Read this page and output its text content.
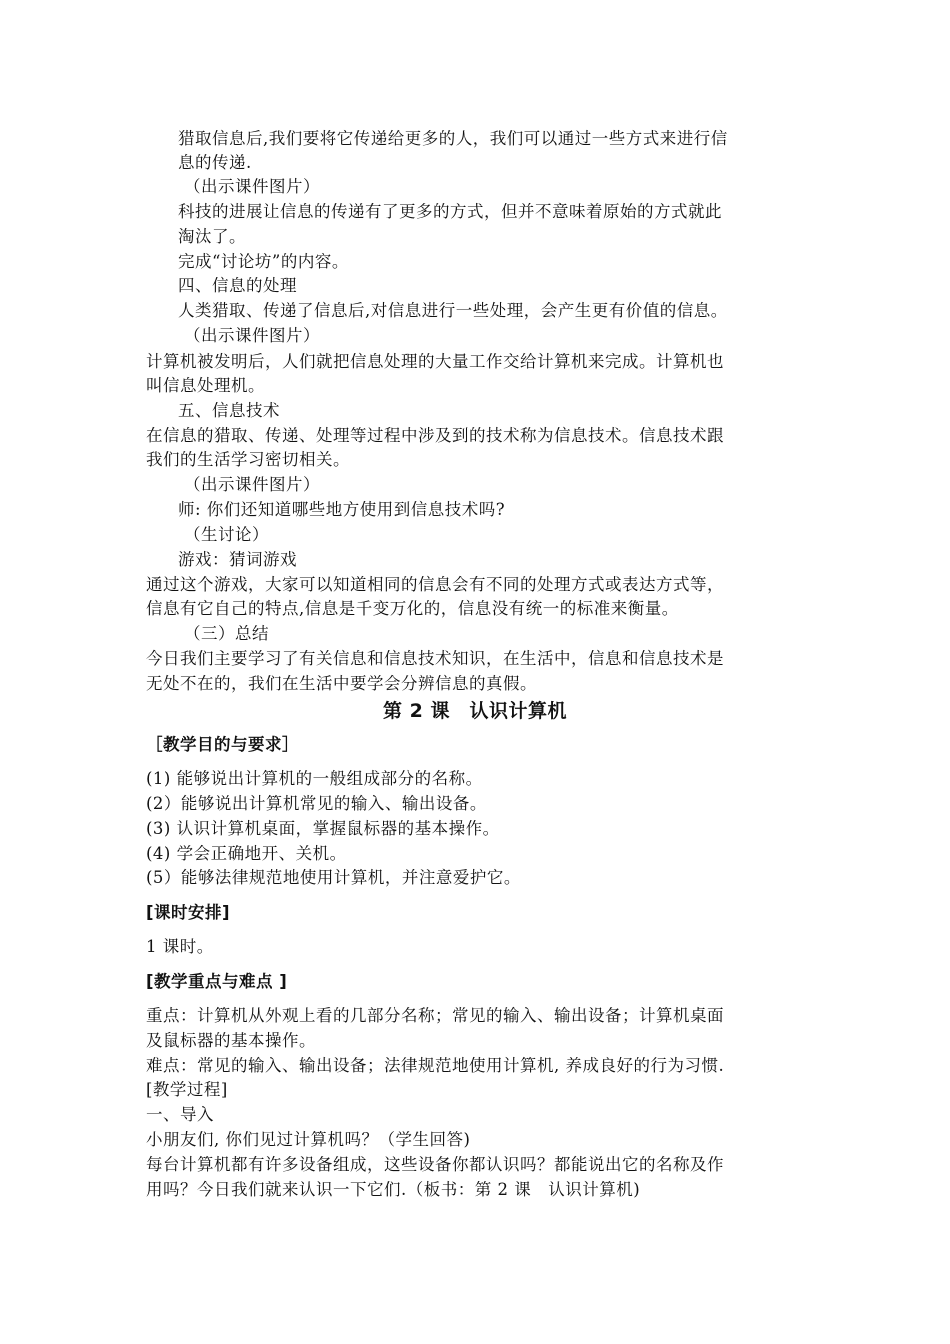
猎取信息后,我们要将它传递给更多的人，我们可以通过一些方式来进行信
息的传递.
（出示课件图片）
科技的进展让信息的传递有了更多的方式，但并不意味着原始的方式就此
淘汰了。
完成“讨论坊”的内容。
四、信息的处理
人类猎取、传递了信息后,对信息进行一些处理，会产生更有价值的信息。
（出示课件图片）
计算机被发明后，人们就把信息处理的大量工作交给计算机来完成。计算机也
叫信息处理机。
五、信息技术
在信息的猎取、传递、处理等过程中涉及到的技术称为信息技术。信息技术跟
我们的生活学习密切相关。
（出示课件图片）
师: 你们还知道哪些地方使用到信息技术吗?
（生讨论）
游戏：猜词游戏
通过这个游戏，大家可以知道相同的信息会有不同的处理方式或表达方式等，
信息有它自己的特点,信息是千变万化的，信息没有统一的标准来衡量。
（三）总结
今日我们主要学习了有关信息和信息技术知识，在生活中，信息和信息技术是
无处不在的，我们在生活中要学会分辨信息的真假。
第 2 课　认识计算机
［教学目的与要求］
(1) 能够说出计算机的一般组成部分的名称。
(2）能够说出计算机常见的输入、输出设备。
(3) 认识计算机桌面，掌握鼠标器的基本操作。
(4) 学会正确地开、关机。
(5）能够法律规范地使用计算机，并注意爱护它。
[课时安排]
1 课时。
[教学重点与难点 ]
重点：计算机从外观上看的几部分名称；常见的输入、输出设备；计算机桌面
及鼠标器的基本操作。
难点：常见的输入、输出设备；法律规范地使用计算机, 养成良好的行为习惯.
[教学过程]
一、导入
小朋友们, 你们见过计算机吗？（学生回答)
每台计算机都有许多设备组成，这些设备你都认识吗？都能说出它的名称及作
用吗？今日我们就来认识一下它们.（板书：第 2 课　认识计算机)
